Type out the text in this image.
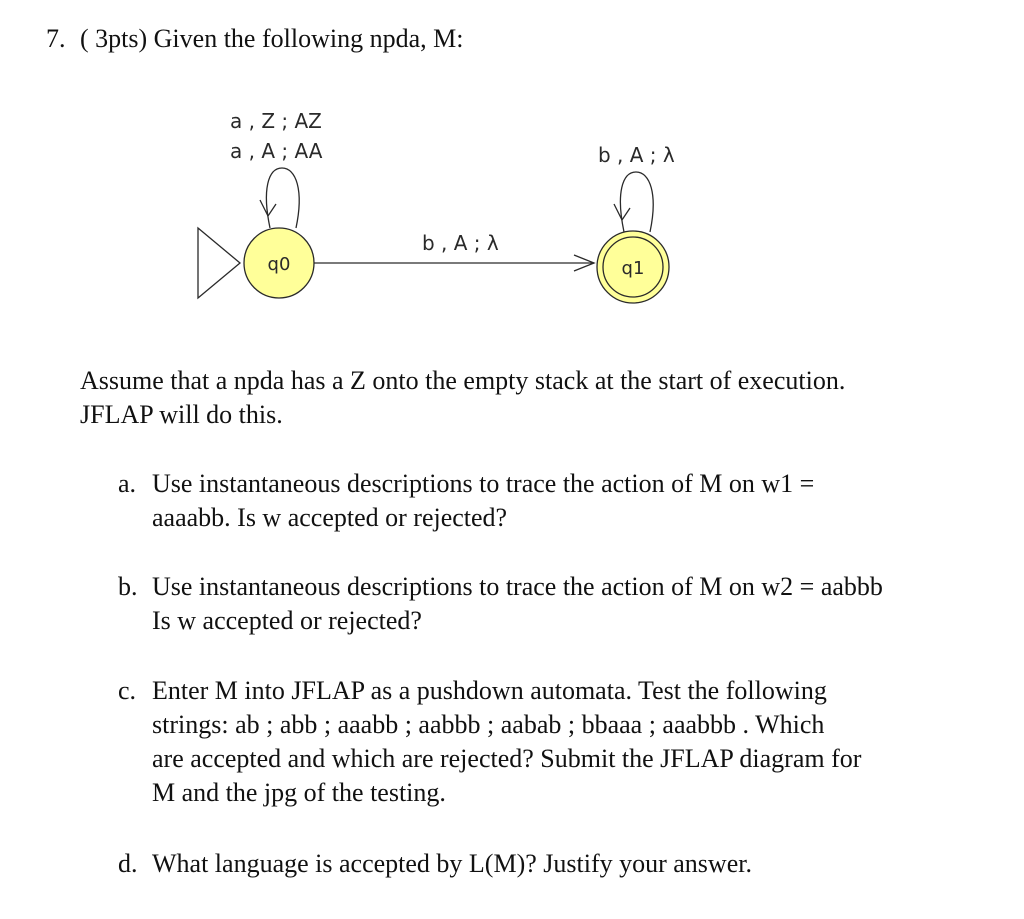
7. ( 3pts) Given the following npda, M:
a , Z ; AZ
a , A ; AA	b , A ; λ
b , A ; λ
q0	q1

Assume that a npda has a Z onto the empty stack at the start of execution.

JFLAP will do this.

a. Use instantaneous descriptions to trace the action of M on w1 =

aaaabb. Is w accepted or rejected?

b. Use instantaneous descriptions to trace the action of M on w2 = aabbb

Is w accepted or rejected?

c. Enter M into JFLAP as a pushdown automata. Test the following

strings: ab ; abb ; aaabb ; aabbb ; aabab ; bbaaa ; aaabbb . Which

are accepted and which are rejected? Submit the JFLAP diagram for

M and the jpg of the testing.

d. What language is accepted by L(M)? Justify your answer.
